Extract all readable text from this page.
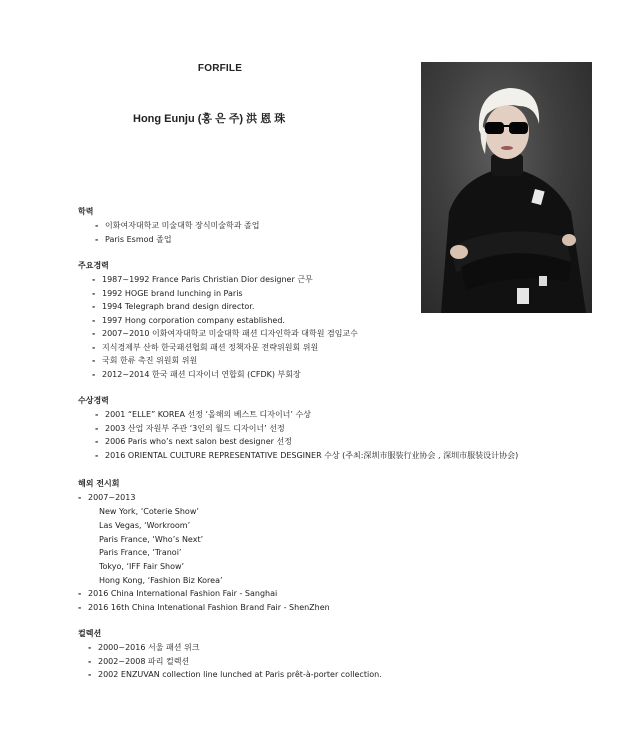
FORFILE
Hong Eunju (홍 은 주) 洪 恩 珠
학력
- 이화여자대학교 미술대학 장식미술학과 졸업
- Paris Esmod 졸업
주요경력
- 1987~1992 France Paris Christian Dior designer 근무
- 1992 HOGE brand lunching in Paris
- 1994 Telegraph brand design director.
- 1997 Hong corporation company established.
- 2007~2010 이화여자대학교 미술대학 패션 디자인학과 대학원 겸임교수
- 지식경제부 산하 한국패션협회 패션 정책자문 전략위원회 위원
- 국회 한류 촉진 위원회 위원
- 2012~2014 한국 패션 디자이너 연합회 (CFDK) 부회장
수상경력
- 2001 “ELLE” KOREA 선정 ‘올해의 베스트 디자이너’ 수상
- 2003 산업 자원부 주관 ‘3인의 월드 디자이너’ 선정
- 2006 Paris who’s next salon best designer 선정
- 2016 ORIENTAL CULTURE REPRESENTATIVE DESGINER 수상 (주최:深圳市服装行业协会 , 深圳市服装设计协会)
해외 전시회
- 2007~2013
New York, ‘Coterie Show’
Las Vegas, ‘Workroom’
Paris France, ‘Who’s Next’
Paris France, ‘Tranoi’
Tokyo, ‘IFF Fair Show’
Hong Kong, ‘Fashion Biz Korea’
- 2016 China International Fashion Fair - Sanghai
- 2016 16th China Intenational Fashion Brand Fair - ShenZhen
컬렉션
- 2000~2016 서울 패션 위크
- 2002~2008 파리 컬렉션
- 2002 ENZUVAN collection line lunched at Paris prêt-à-porter collection.
